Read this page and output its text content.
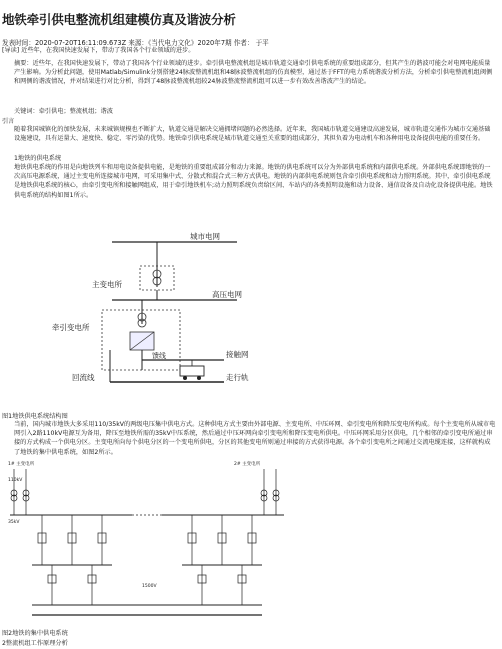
地铁牵引供电整流机组建模仿真及谐波分析
发表时间：2020-07-20T16:11:09.673Z 来源：《当代电力文化》2020年7期 作者： 于平

[导读] 近些年，在我国快速发展下，带动了我国各个行业领域的进步。

摘要：近些年，在我国快速发展下，带动了我国各个行业领域的进步。牵引供电整流机组是城市轨道交通牵引供电系统的重要组成部分，但其产生的谐波可能会对电网电能质量产生影响。为分析此问题，使用Matlab/Simulink分别搭建24脉波整流机组和48脉波整流机组的仿真模型，通过基于FFT的电力系统谐波分析方法，分析牵引供电整流机组阀侧和网侧的谐波情况，并对结果进行对比分析，得到了48脉波整流机组较24脉波整流整流机组可以进一步有效改善谐波产生的结论。

关键词：牵引供电；整流机组；谐波
引言

随着我国城镇化的加快发展，未来城镇规模也不断扩大，轨道交通是解决交通拥堵问题的必然选择。近年来，我国城市轨道交通建设高速发展，城市轨道交通作为城市交通基础设施建设，具有运量大、速度快、稳定、零污染的优势。地铁牵引供电系统是城市轨道交通至关重要的组成部分，其担负着为电动机车和各种用电设备提供电能的重要任务。

1地铁的供电系统

地铁供电系统的作用是向地铁列车和用电设备提供电能，是地铁的重要组成部分和动力来源。地铁的供电系统可以分为外部供电系统和内部供电系统。外部供电系统即地铁的一次高压电源系统，通过主变电所连接城市电网，可采用集中式、分散式和混合式三种方式供电。地铁的内部供电系统则包含牵引供电系统和动力照明系统。其中，牵引供电系统是地铁供电系统的核心，由牵引变电所和接触网组成，用于牵引地铁机车;动力照明系统负责给区间、车站内的各类照明设施和动力设备、通信设备及自动化设备提供电能。地铁供电系统的结构如图1所示。

城市电网
主变电所
高压电网
牵引变电所
馈线	接触网
回流线	走行轨
图1地铁供电系统结构图

当前，国内城市地铁大多采用110/35kV的两级电压集中供电方式。这种供电方式主要由外部电源、主变电所、中压环网、牵引变电所和降压变电所构成。每个主变电所从城市电网引入2路110kV电源互为备用，降压至地铁所需的35kV中压系统，然后通过中压环网向牵引变电所和降压变电所供电。中压环网采用分区供电，几个相邻的牵引变电所通过串接的方式构成一个供电分区。主变电所向每个供电分区的一个变电所供电，分区的其他变电所则通过串接的方式获得电源。各个牵引变电所之间通过交流电缆连接，这样就构成了地铁的集中供电系统，如图2所示。

1# 主变电所	2# 主变电所
110kV
35kV
1500V
图2地铁的集中供电系统
2整流机组工作原理分析
